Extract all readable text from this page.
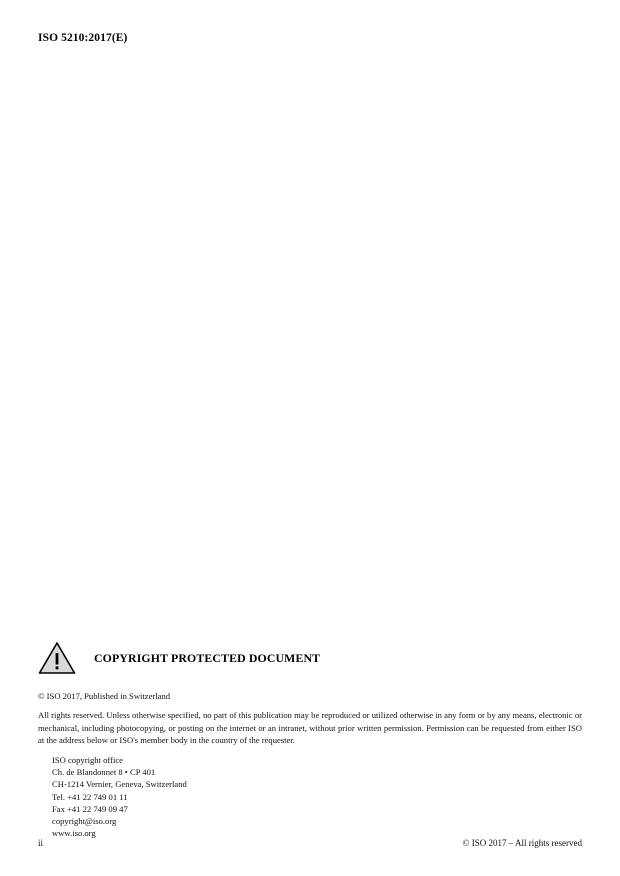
ISO 5210:2017(E)
COPYRIGHT PROTECTED DOCUMENT
© ISO 2017, Published in Switzerland
All rights reserved. Unless otherwise specified, no part of this publication may be reproduced or utilized otherwise in any form or by any means, electronic or mechanical, including photocopying, or posting on the internet or an intranet, without prior written permission. Permission can be requested from either ISO at the address below or ISO's member body in the country of the requester.
ISO copyright office
Ch. de Blandonnet 8 • CP 401
CH-1214 Vernier, Geneva, Switzerland
Tel. +41 22 749 01 11
Fax +41 22 749 09 47
copyright@iso.org
www.iso.org
ii	© ISO 2017 – All rights reserved
